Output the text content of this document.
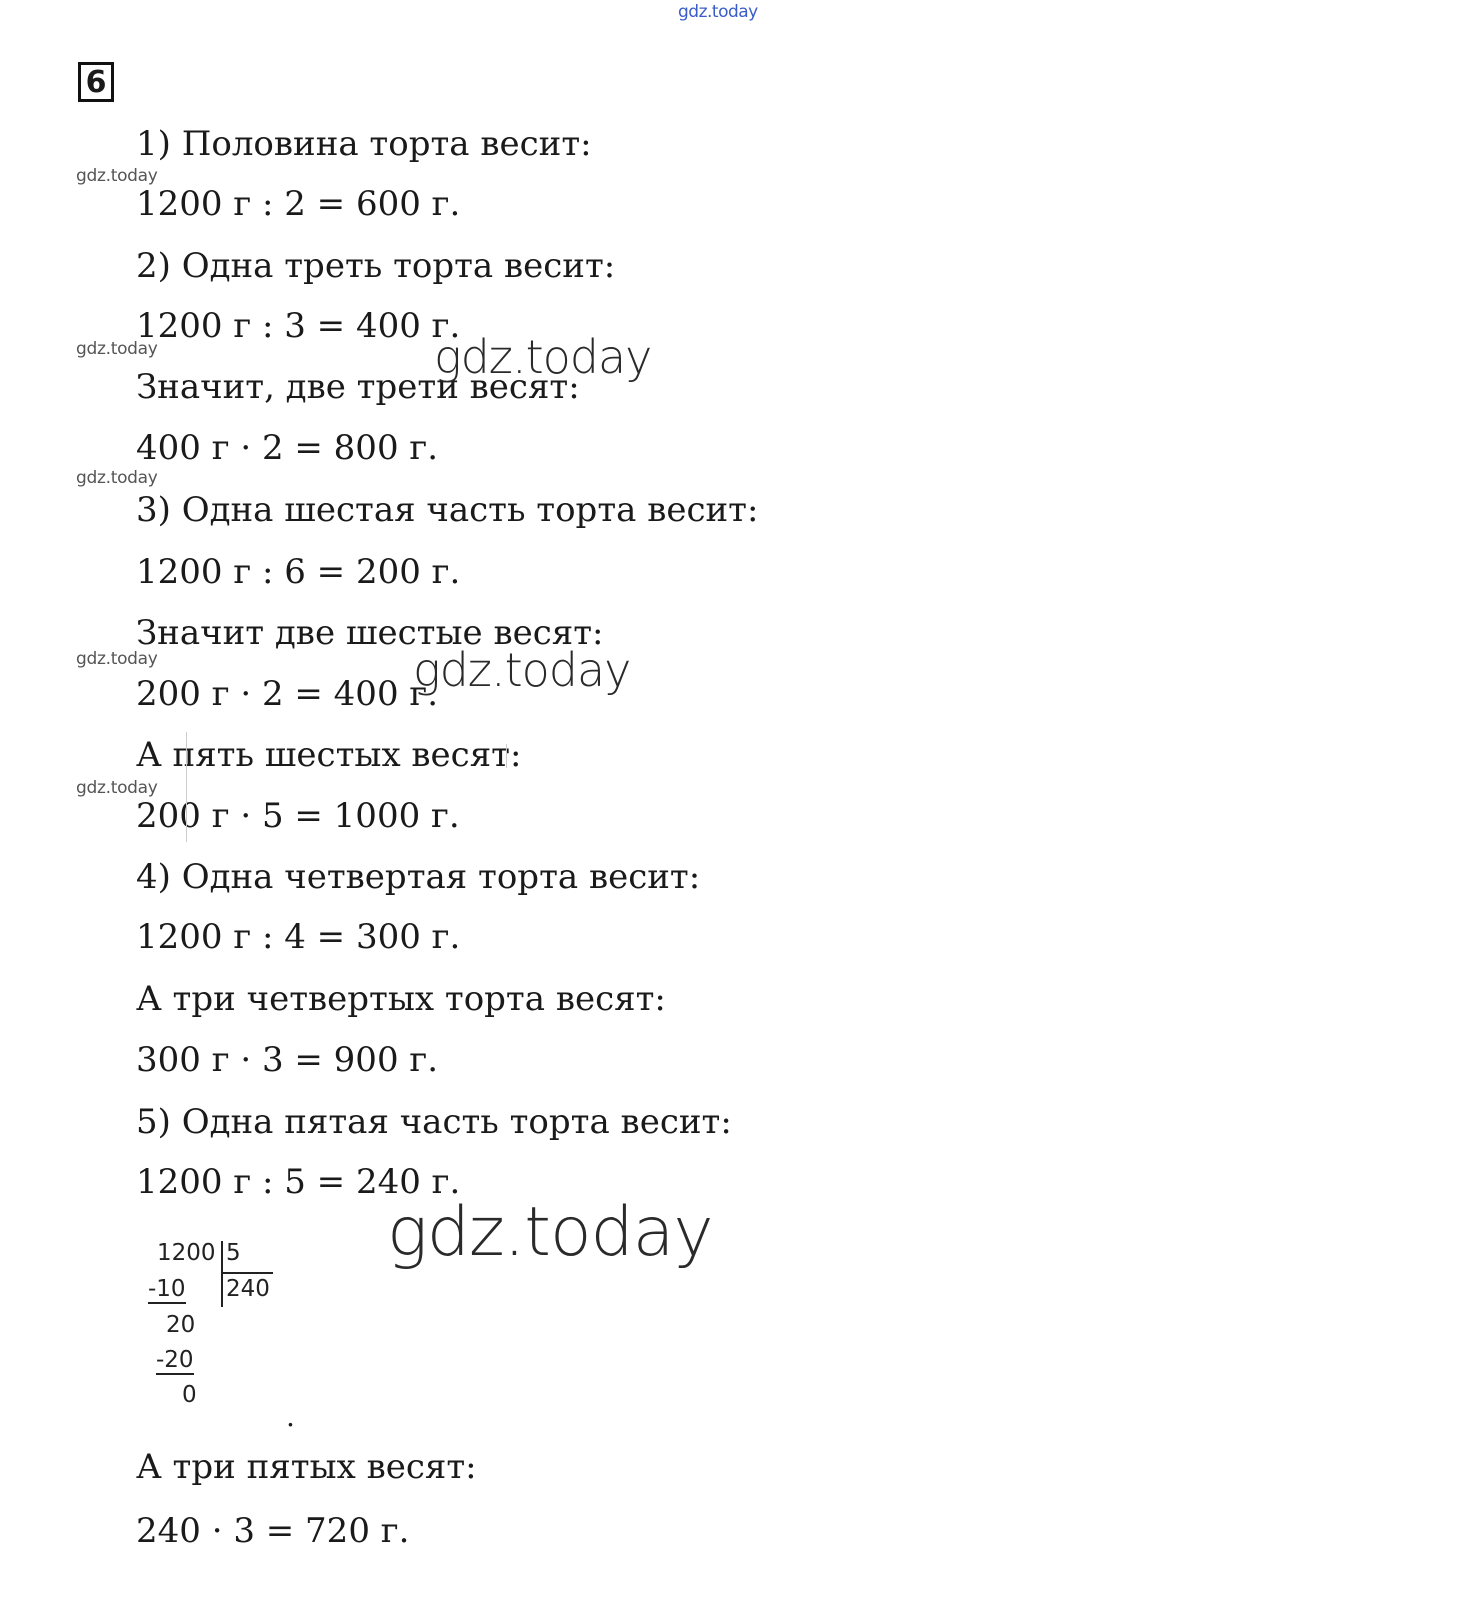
gdz.today
6
gdz.today
gdz.today
gdz.today
gdz.today
gdz.today
1) Половина торта весит:
1200 г : 2 = 600 г.
2) Одна треть торта весит:
1200 г : 3 = 400 г.
Значит, две трети весят:
400 г · 2 = 800 г.
3) Одна шестая часть торта весит:
1200 г : 6 = 200 г.
Значит две шестые весят:
200 г · 2 = 400 г.
А пять шестых весят:
200 г · 5 = 1000 г.
4) Одна четвертая торта весит:
1200 г : 4 = 300 г.
А три четвертых торта весят:
300 г · 3 = 900 г.
5) Одна пятая часть торта весит:
1200 г : 5 = 240 г.
1200 5
240
-10
20
-20
0
.
А три пятых весят:
240 · 3 = 720 г.
gdz.today
gdz.today
gdz.today
